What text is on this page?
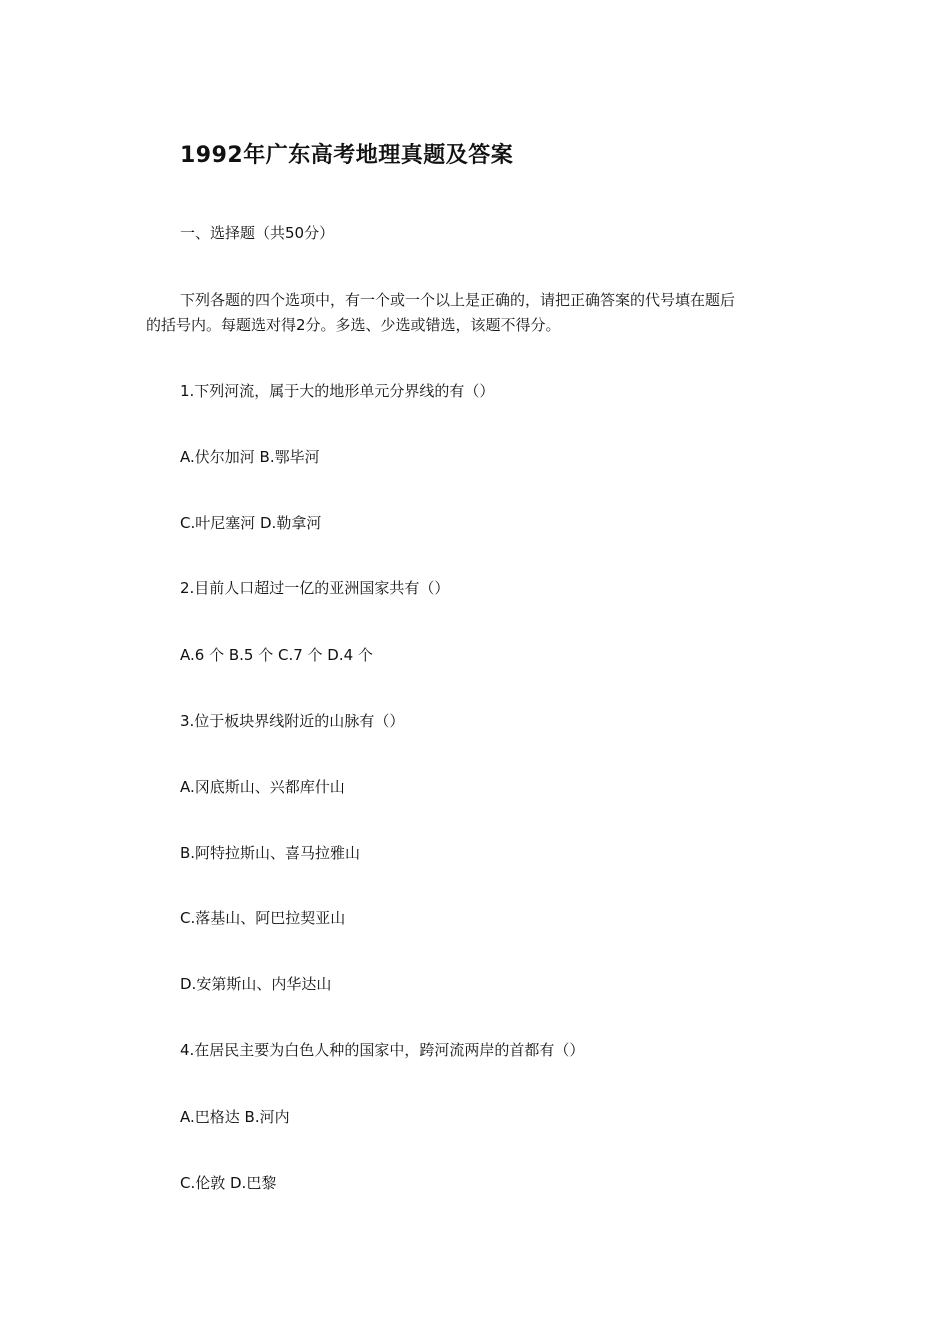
1992年广东高考地理真题及答案
一、选择题（共50分）
下列各题的四个选项中，有一个或一个以上是正确的，请把正确答案的代号填在题后
的括号内。每题选对得2分。多选、少选或错选，该题不得分。
1.下列河流，属于大的地形单元分界线的有（）
A.伏尔加河 B.鄂毕河
C.叶尼塞河 D.勒拿河
2.目前人口超过一亿的亚洲国家共有（）
A.6 个 B.5 个 C.7 个 D.4 个
3.位于板块界线附近的山脉有（）
A.冈底斯山、兴都库什山
B.阿特拉斯山、喜马拉雅山
C.落基山、阿巴拉契亚山
D.安第斯山、内华达山
4.在居民主要为白色人种的国家中，跨河流两岸的首都有（）
A.巴格达 B.河内
C.伦敦 D.巴黎
